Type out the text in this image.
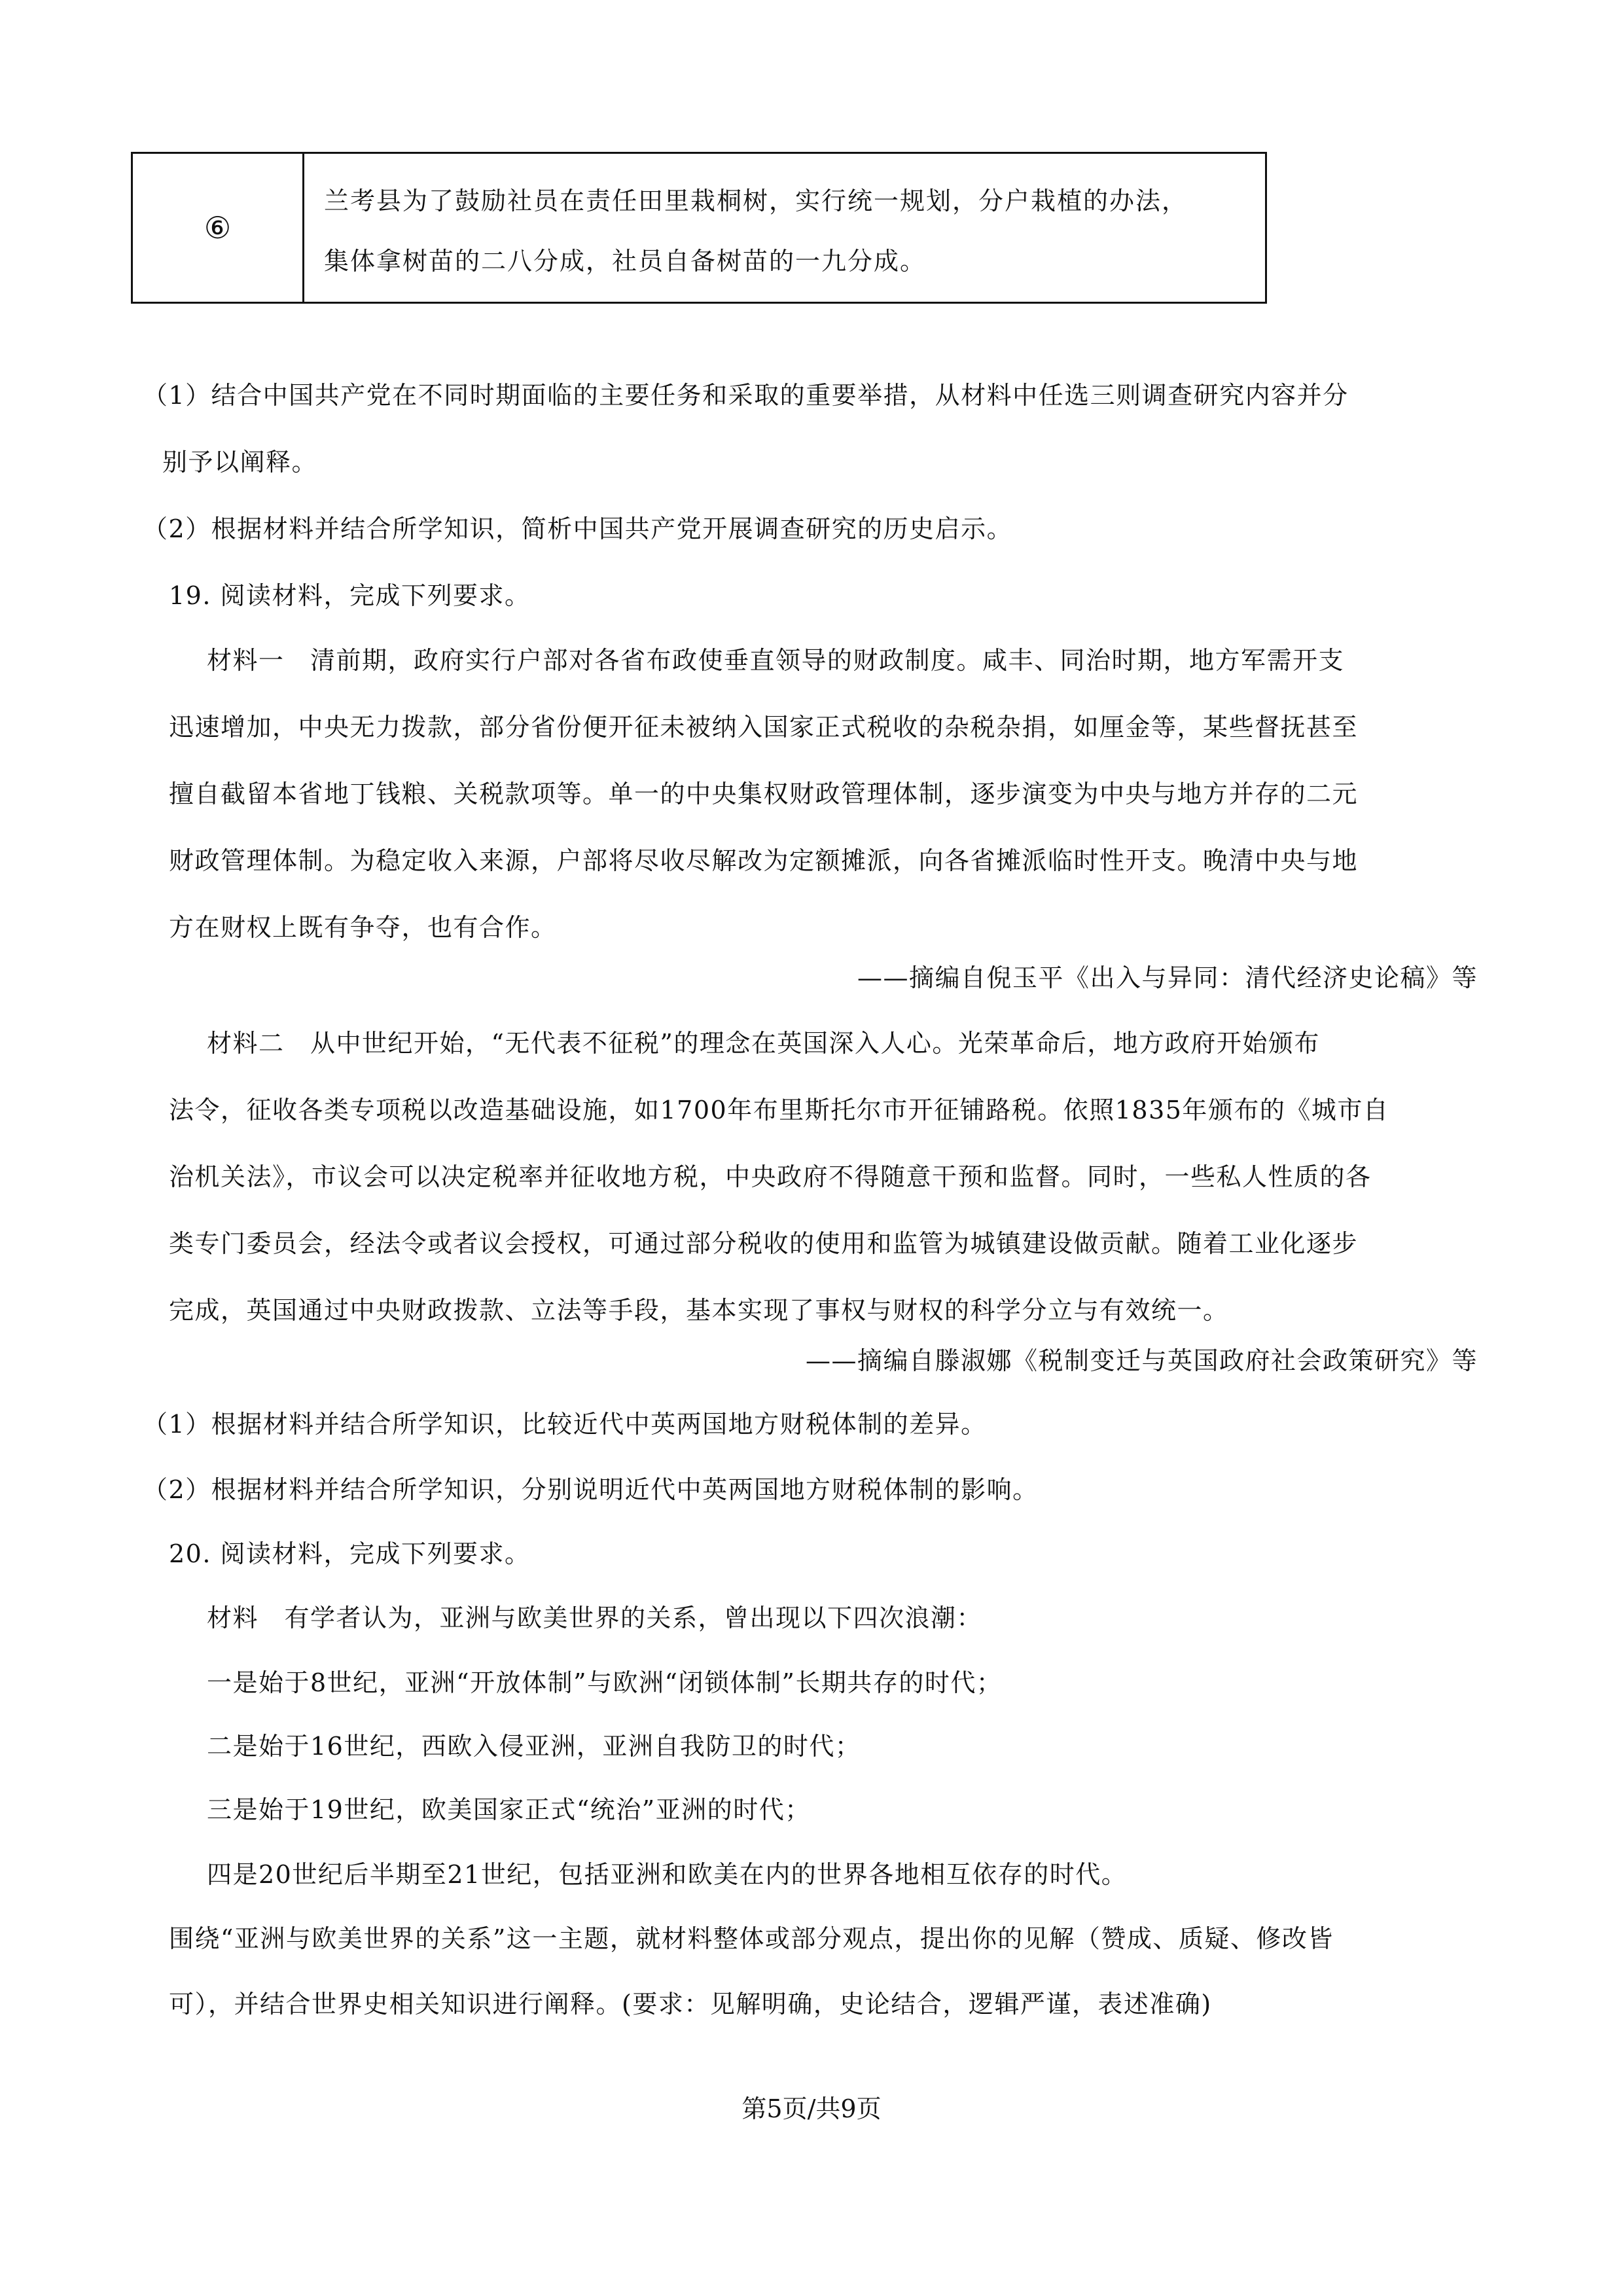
⑥
兰考县为了鼓励社员在责任田里栽桐树，实行统一规划，分户栽植的办法，
集体拿树苗的二八分成，社员自备树苗的一九分成。
（1）结合中国共产党在不同时期面临的主要任务和采取的重要举措，从材料中任选三则调查研究内容并分
别予以阐释。
（2）根据材料并结合所学知识，简析中国共产党开展调查研究的历史启示。
19. 阅读材料，完成下列要求。
材料一　清前期，政府实行户部对各省布政使垂直领导的财政制度。咸丰、同治时期，地方军需开支
迅速增加，中央无力拨款，部分省份便开征未被纳入国家正式税收的杂税杂捐，如厘金等，某些督抚甚至
擅自截留本省地丁钱粮、关税款项等。单一的中央集权财政管理体制，逐步演变为中央与地方并存的二元
财政管理体制。为稳定收入来源，户部将尽收尽解改为定额摊派，向各省摊派临时性开支。晚清中央与地
方在财权上既有争夺，也有合作。
——摘编自倪玉平《出入与异同：清代经济史论稿》等
材料二　从中世纪开始，“无代表不征税”的理念在英国深入人心。光荣革命后，地方政府开始颁布
法令，征收各类专项税以改造基础设施，如1700年布里斯托尔市开征铺路税。依照1835年颁布的《城市自
治机关法》，市议会可以决定税率并征收地方税，中央政府不得随意干预和监督。同时，一些私人性质的各
类专门委员会，经法令或者议会授权，可通过部分税收的使用和监管为城镇建设做贡献。随着工业化逐步
完成，英国通过中央财政拨款、立法等手段，基本实现了事权与财权的科学分立与有效统一。
——摘编自滕淑娜《税制变迁与英国政府社会政策研究》等
（1）根据材料并结合所学知识，比较近代中英两国地方财税体制的差异。
（2）根据材料并结合所学知识，分别说明近代中英两国地方财税体制的影响。
20. 阅读材料，完成下列要求。
材料　有学者认为，亚洲与欧美世界的关系，曾出现以下四次浪潮：
一是始于8世纪，亚洲“开放体制”与欧洲“闭锁体制”长期共存的时代；
二是始于16世纪，西欧入侵亚洲，亚洲自我防卫的时代；
三是始于19世纪，欧美国家正式“统治”亚洲的时代；
四是20世纪后半期至21世纪，包括亚洲和欧美在内的世界各地相互依存的时代。
围绕“亚洲与欧美世界的关系”这一主题，就材料整体或部分观点，提出你的见解（赞成、质疑、修改皆
可），并结合世界史相关知识进行阐释。(要求：见解明确，史论结合，逻辑严谨，表述准确)
第5页/共9页
